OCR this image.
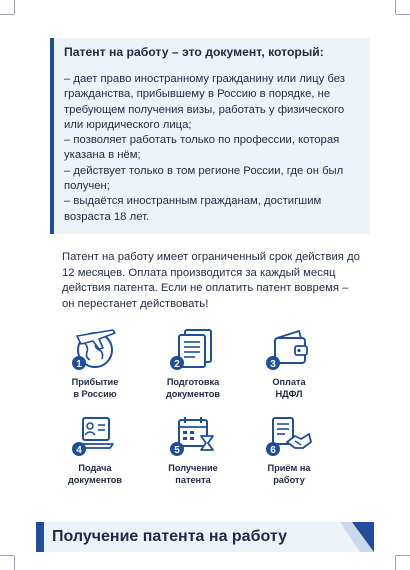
Патент на работу – это документ, который:

– дает право иностранному гражданину или лицу без гражданства, прибывшему в Россию в порядке, не требующем получения визы, работать у физического или юридического лица;
– позволяет работать только по профессии, которая указана в нём;
– действует только в том регионе России, где он был получен;
– выдаётся иностранным гражданам, достигшим возраста 18 лет.

Патент на работу имеет ограниченный срок действия до 12 месяцев. Оплата производится за каждый месяц действия патента. Если не оплатить патент вовремя – он перестанет действовать!

1
Прибытие
в Россию
2
Подготовка
документов
3
Оплата
НДФЛ
4
Подача
документов
5
Получение
патента
6
Приём на
работу
Получение патента на работу
